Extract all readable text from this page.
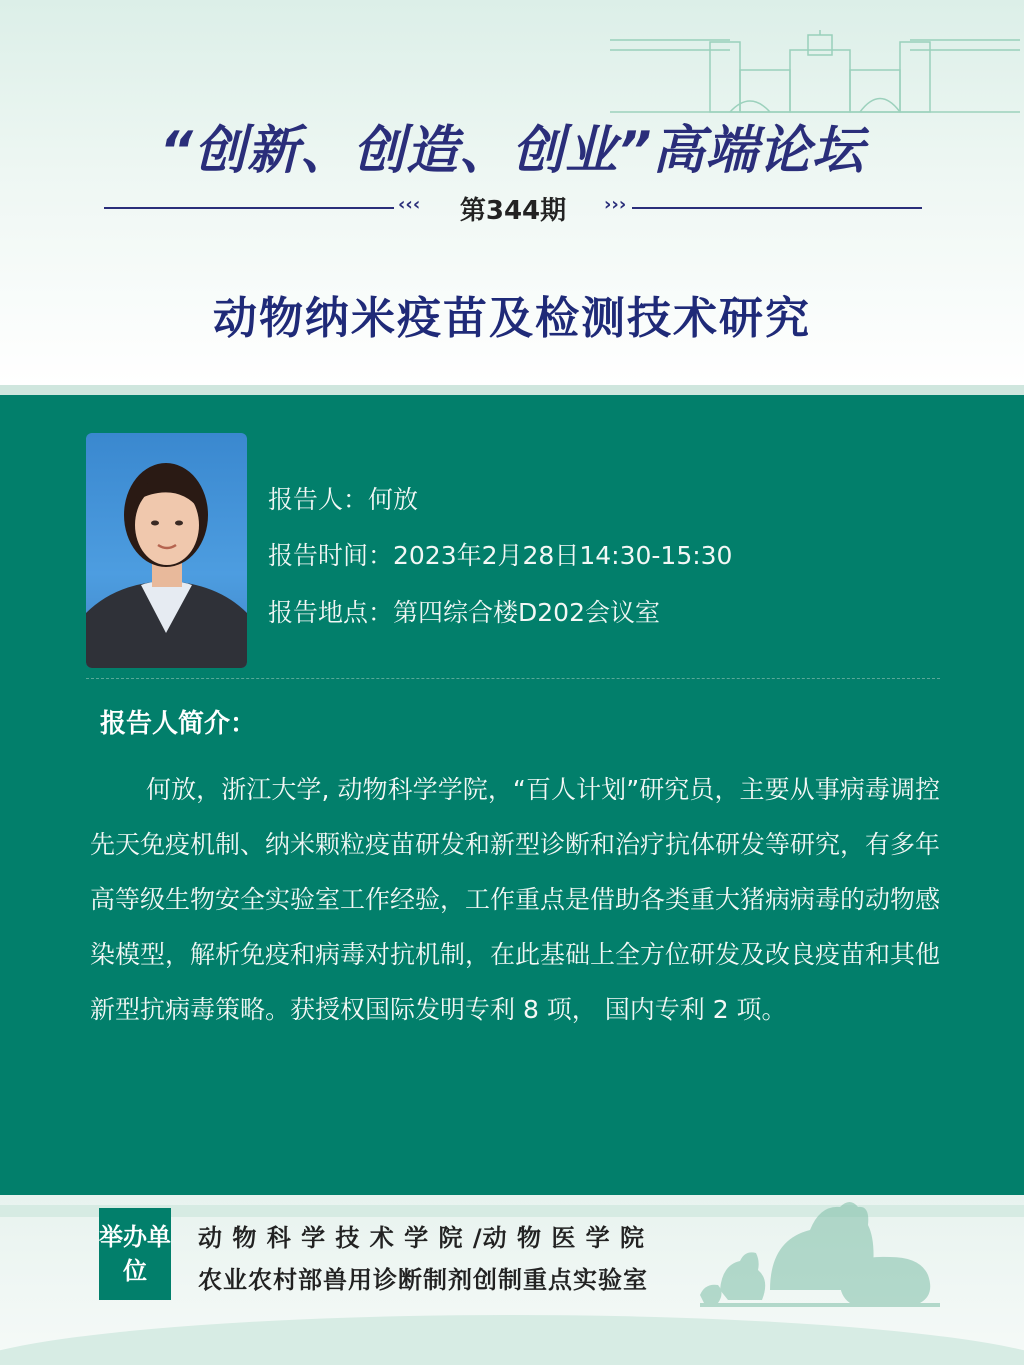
“创新、创造、创业”高端论坛
‹‹‹	第344期	›››
动物纳米疫苗及检测技术研究
报告人：何放
报告时间：2023年2月28日14:30-15:30
报告地点：第四综合楼D202会议室
报告人简介：
何放，浙江大学, 动物科学学院，“百人计划”研究员，主要从事病毒调控先天免疫机制、纳米颗粒疫苗研发和新型诊断和治疗抗体研发等研究，有多年高等级生物安全实验室工作经验，工作重点是借助各类重大猪病病毒的动物感染模型，解析免疫和病毒对抗机制，在此基础上全方位研发及改良疫苗和其他新型抗病毒策略。获授权国际发明专利 8 项， 国内专利 2 项。
举办单位
动 物 科 学 技 术 学 院 /动 物 医 学 院
农业农村部兽用诊断制剂创制重点实验室
